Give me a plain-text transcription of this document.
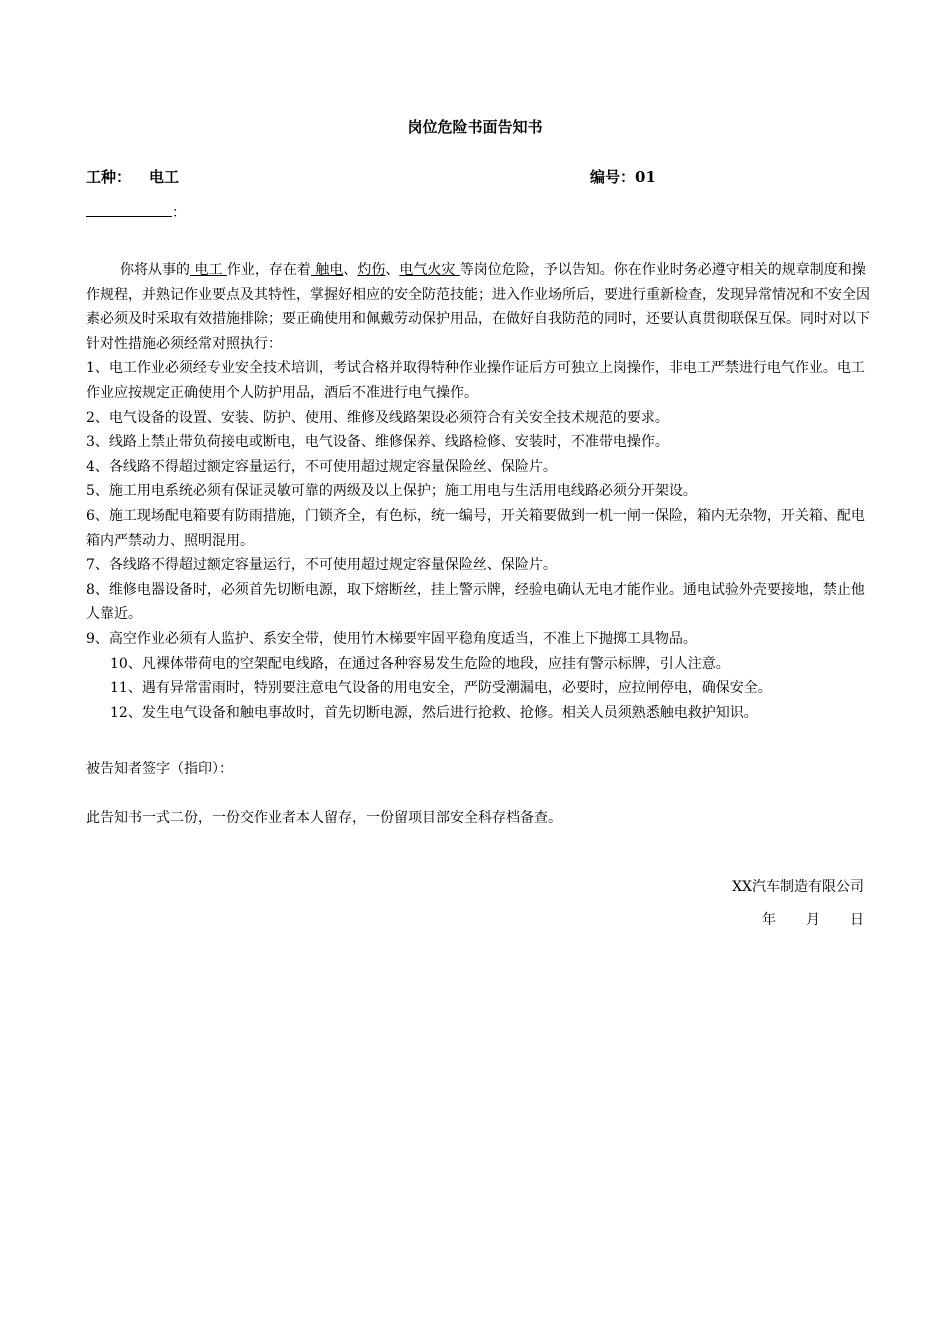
岗位危险书面告知书
工种： 电工	编号：01
：

你将从事的 电工 作业，存在着 触电、灼伤、电气火灾 等岗位危险，予以告知。你在作业时务必遵守相关的规章制度和操作规程，并熟记作业要点及其特性，掌握好相应的安全防范技能；进入作业场所后，要进行重新检查，发现异常情况和不安全因素必须及时采取有效措施排除；要正确使用和佩戴劳动保护用品，在做好自我防范的同时，还要认真贯彻联保互保。同时对以下针对性措施必须经常对照执行：

1、电工作业必须经专业安全技术培训，考试合格并取得特种作业操作证后方可独立上岗操作，非电工严禁进行电气作业。电工作业应按规定正确使用个人防护用品，酒后不准进行电气操作。

2、电气设备的设置、安装、防护、使用、维修及线路架设必须符合有关安全技术规范的要求。

3、线路上禁止带负荷接电或断电，电气设备、维修保养、线路检修、安装时，不准带电操作。

4、各线路不得超过额定容量运行，不可使用超过规定容量保险丝、保险片。

5、施工用电系统必须有保证灵敏可靠的两级及以上保护；施工用电与生活用电线路必须分开架设。

6、施工现场配电箱要有防雨措施，门锁齐全，有色标，统一编号，开关箱要做到一机一闸一保险，箱内无杂物，开关箱、配电箱内严禁动力、照明混用。

7、各线路不得超过额定容量运行，不可使用超过规定容量保险丝、保险片。

8、维修电器设备时，必须首先切断电源，取下熔断丝，挂上警示牌，经验电确认无电才能作业。通电试验外壳要接地，禁止他人靠近。

9、高空作业必须有人监护、系安全带，使用竹木梯要牢固平稳角度适当，不准上下抛掷工具物品。

10、凡裸体带荷电的空架配电线路，在通过各种容易发生危险的地段，应挂有警示标牌，引人注意。

11、遇有异常雷雨时，特别要注意电气设备的用电安全，严防受潮漏电，必要时，应拉闸停电，确保安全。

12、发生电气设备和触电事故时，首先切断电源，然后进行抢救、抢修。相关人员须熟悉触电救护知识。

被告知者签字（指印）：
此告知书一式二份，一份交作业者本人留存，一份留项目部安全科存档备查。
XX汽车制造有限公司
年 月 日
